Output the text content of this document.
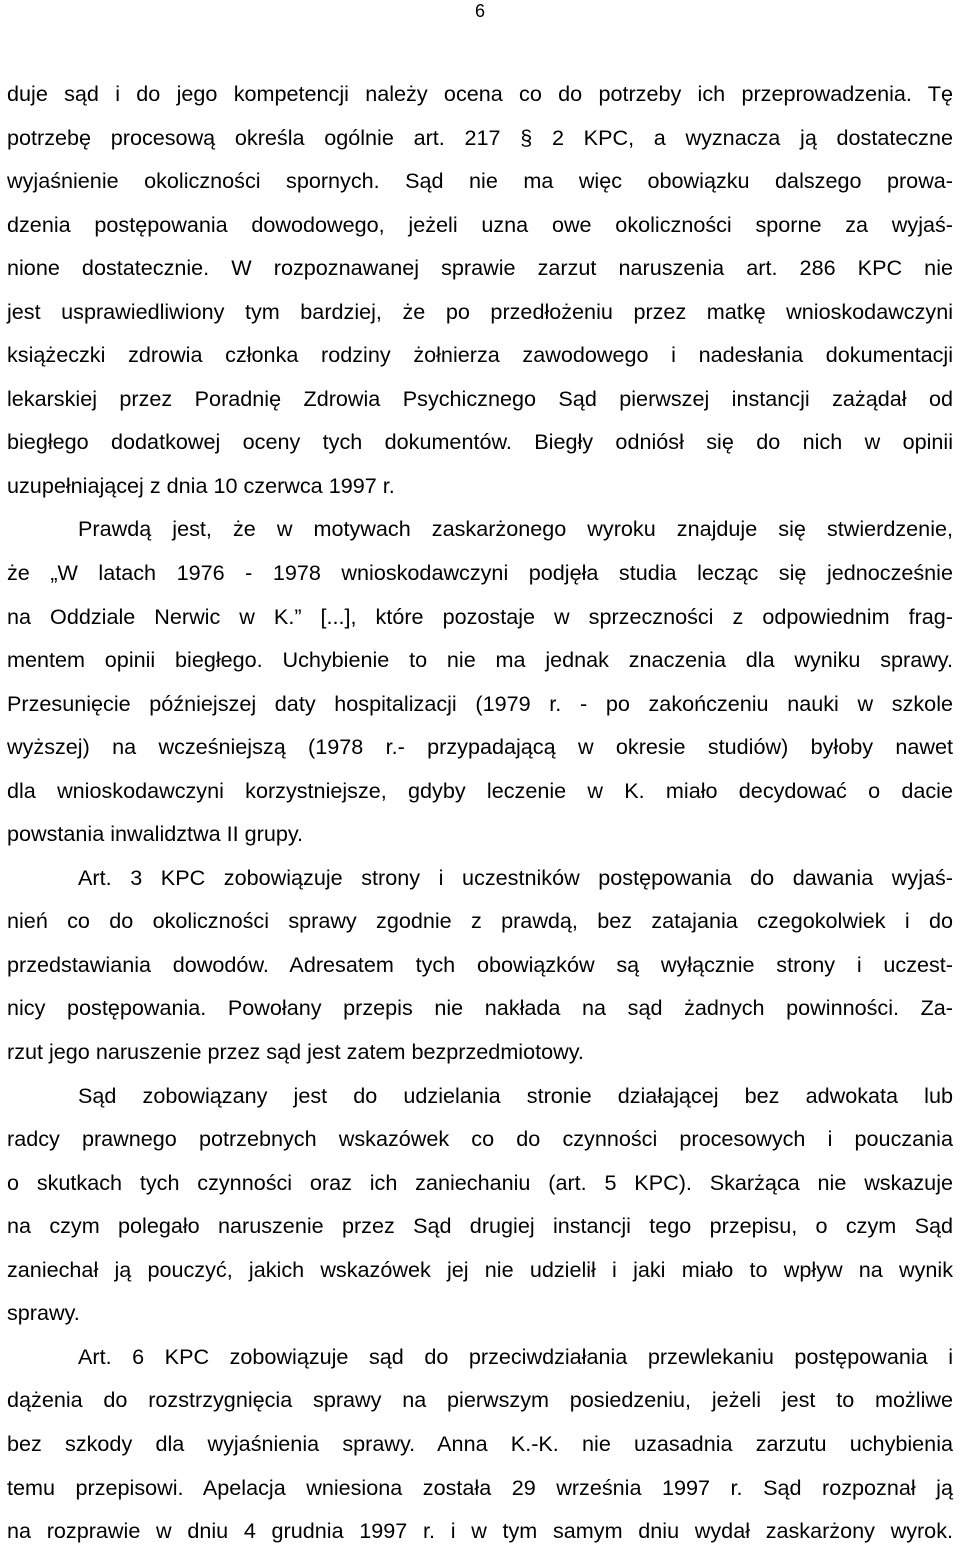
6
duje sąd i do jego kompetencji należy ocena co do potrzeby ich przeprowadzenia. Tę
potrzebę procesową określa ogólnie art. 217 § 2 KPC, a wyznacza ją dostateczne
wyjaśnienie okoliczności spornych. Sąd nie ma więc obowiązku dalszego prowa-
dzenia postępowania dowodowego, jeżeli uzna owe okoliczności sporne za wyjaś-
nione dostatecznie. W rozpoznawanej sprawie zarzut naruszenia art. 286 KPC nie
jest usprawiedliwiony tym bardziej, że po przedłożeniu przez matkę wnioskodawczyni
książeczki zdrowia członka rodziny żołnierza zawodowego i nadesłania dokumentacji
lekarskiej przez Poradnię Zdrowia Psychicznego Sąd pierwszej instancji zażądał od
biegłego dodatkowej oceny tych dokumentów. Biegły odniósł się do nich w opinii
uzupełniającej z dnia 10 czerwca 1997 r.
Prawdą jest, że w motywach zaskarżonego wyroku znajduje się stwierdzenie,
że „W latach 1976 - 1978 wnioskodawczyni podjęła studia lecząc się jednocześnie
na Oddziale Nerwic w K.” [...], które pozostaje w sprzeczności z odpowiednim frag-
mentem opinii biegłego. Uchybienie to nie ma jednak znaczenia dla wyniku sprawy.
Przesunięcie późniejszej daty hospitalizacji (1979 r. - po zakończeniu nauki w szkole
wyższej) na wcześniejszą (1978 r.- przypadającą w okresie studiów) byłoby nawet
dla wnioskodawczyni korzystniejsze, gdyby leczenie w K. miało decydować o dacie
powstania inwalidztwa II grupy.
Art. 3 KPC zobowiązuje strony i uczestników postępowania do dawania wyjaś-
nień co do okoliczności sprawy zgodnie z prawdą, bez zatajania czegokolwiek i do
przedstawiania dowodów. Adresatem tych obowiązków są wyłącznie strony i uczest-
nicy postępowania. Powołany przepis nie nakłada na sąd żadnych powinności. Za-
rzut jego naruszenie przez sąd jest zatem bezprzedmiotowy.
Sąd zobowiązany jest do udzielania stronie działającej bez adwokata lub
radcy prawnego potrzebnych wskazówek co do czynności procesowych i pouczania
o skutkach tych czynności oraz ich zaniechaniu (art. 5 KPC). Skarżąca nie wskazuje
na czym polegało naruszenie przez Sąd drugiej instancji tego przepisu, o czym Sąd
zaniechał ją pouczyć, jakich wskazówek jej nie udzielił i jaki miało to wpływ na wynik
sprawy.
Art. 6 KPC zobowiązuje sąd do przeciwdziałania przewlekaniu postępowania i
dążenia do rozstrzygnięcia sprawy na pierwszym posiedzeniu, jeżeli jest to możliwe
bez szkody dla wyjaśnienia sprawy. Anna K.-K. nie uzasadnia zarzutu uchybienia
temu przepisowi. Apelacja wniesiona została 29 września 1997 r. Sąd rozpoznał ją
na rozprawie w dniu 4 grudnia 1997 r. i w tym samym dniu wydał zaskarżony wyrok.
